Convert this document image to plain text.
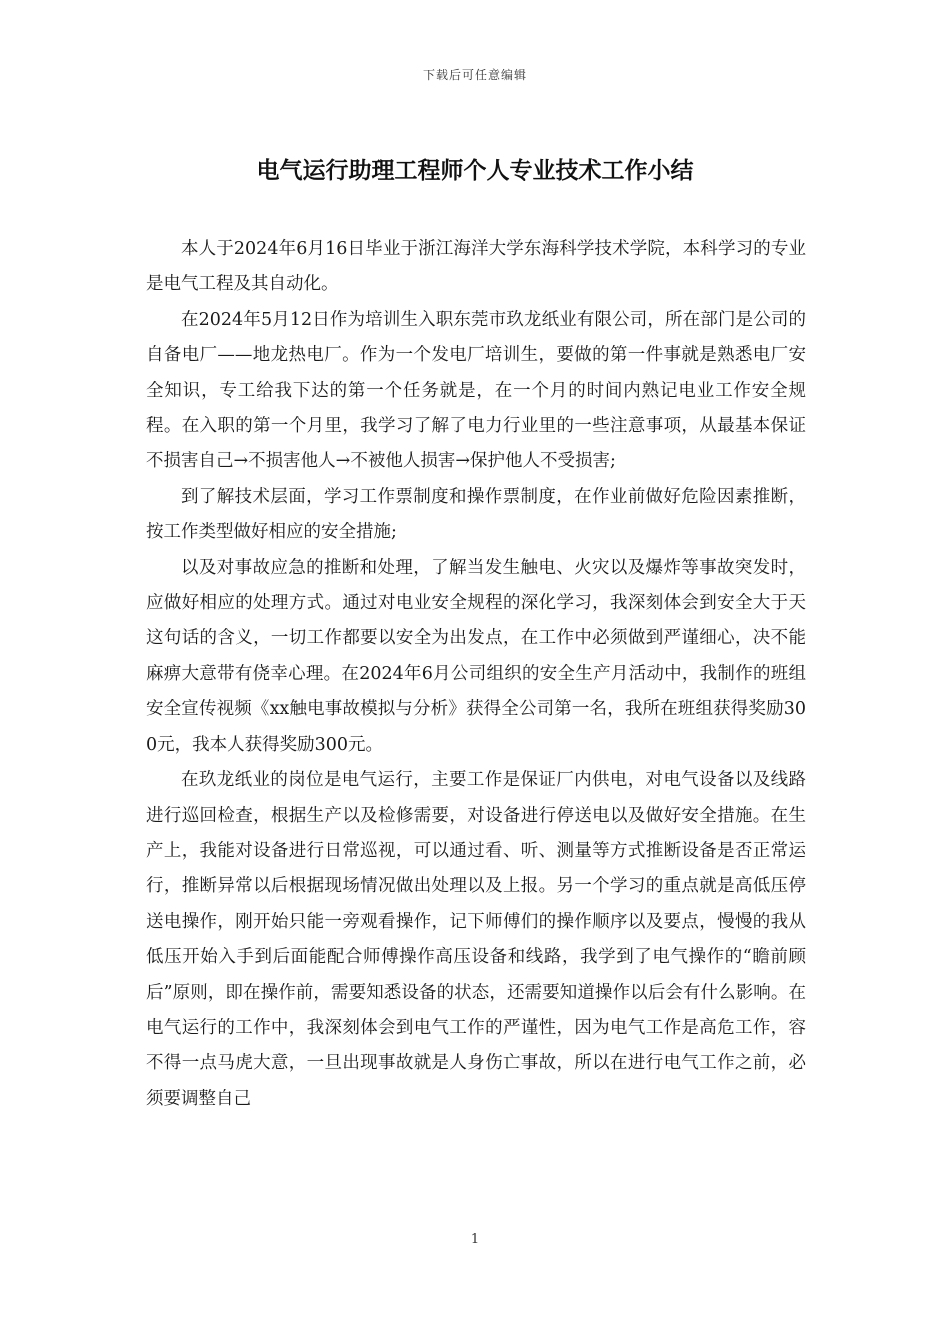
下载后可任意编辑
电气运行助理工程师个人专业技术工作小结

本人于2024年6月16日毕业于浙江海洋大学东海科学技术学院，本科学习的专业是电气工程及其自动化。

在2024年5月12日作为培训生入职东莞市玖龙纸业有限公司，所在部门是公司的自备电厂——地龙热电厂。作为一个发电厂培训生，要做的第一件事就是熟悉电厂安全知识，专工给我下达的第一个任务就是，在一个月的时间内熟记电业工作安全规程。在入职的第一个月里，我学习了解了电力行业里的一些注意事项，从最基本保证不损害自己→不损害他人→不被他人损害→保护他人不受损害;

到了解技术层面，学习工作票制度和操作票制度，在作业前做好危险因素推断，按工作类型做好相应的安全措施;

以及对事故应急的推断和处理，了解当发生触电、火灾以及爆炸等事故突发时，应做好相应的处理方式。通过对电业安全规程的深化学习，我深刻体会到安全大于天这句话的含义，一切工作都要以安全为出发点，在工作中必须做到严谨细心，决不能麻痹大意带有侥幸心理。在2024年6月公司组织的安全生产月活动中，我制作的班组安全宣传视频《xx触电事故模拟与分析》获得全公司第一名，我所在班组获得奖励300元，我本人获得奖励300元。

在玖龙纸业的岗位是电气运行，主要工作是保证厂内供电，对电气设备以及线路进行巡回检查，根据生产以及检修需要，对设备进行停送电以及做好安全措施。在生产上，我能对设备进行日常巡视，可以通过看、听、测量等方式推断设备是否正常运行，推断异常以后根据现场情况做出处理以及上报。另一个学习的重点就是高低压停送电操作，刚开始只能一旁观看操作，记下师傅们的操作顺序以及要点，慢慢的我从低压开始入手到后面能配合师傅操作高压设备和线路，我学到了电气操作的“瞻前顾后”原则，即在操作前，需要知悉设备的状态，还需要知道操作以后会有什么影响。在电气运行的工作中，我深刻体会到电气工作的严谨性，因为电气工作是高危工作，容不得一点马虎大意，一旦出现事故就是人身伤亡事故，所以在进行电气工作之前，必须要调整自己

1
